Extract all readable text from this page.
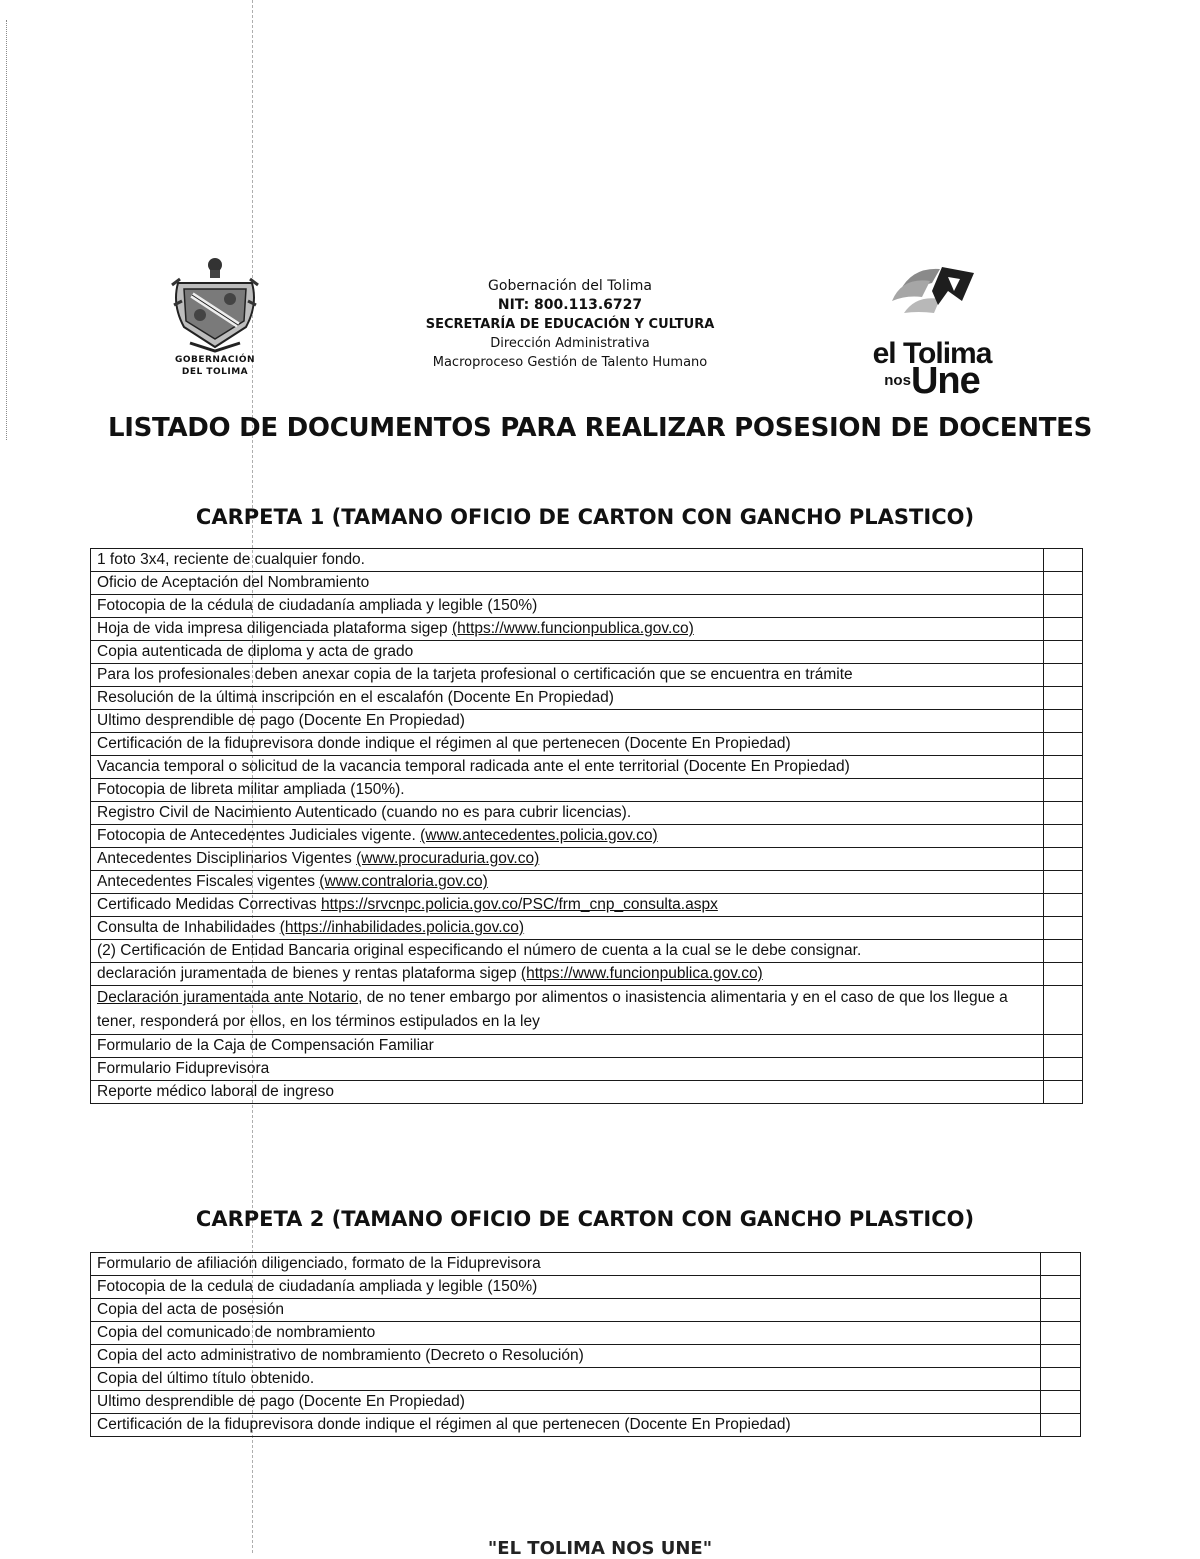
GOBERNACIÓN
DEL TOLIMA
Gobernación del Tolima
NIT: 800.113.6727
SECRETARÍA DE EDUCACIÓN Y CULTURA
Dirección Administrativa
Macroproceso Gestión de Talento Humano	el Tolima
nosUne
LISTADO DE DOCUMENTOS PARA REALIZAR POSESION DE DOCENTES
CARPETA 1 (TAMANO OFICIO DE CARTON CON GANCHO PLASTICO)
1 foto 3x4, reciente de cualquier fondo.	
Oficio de Aceptación del Nombramiento	
Fotocopia de la cédula de ciudadanía ampliada y legible (150%)	
Hoja de vida impresa diligenciada plataforma sigep (https://www.funcionpublica.gov.co)	
Copia autenticada de diploma y acta de grado	
Para los profesionales deben anexar copia de la tarjeta profesional o certificación que se encuentra en trámite	
Resolución de la última inscripción en el escalafón (Docente En Propiedad)	
Ultimo desprendible de pago (Docente En Propiedad)	
Certificación de la fiduprevisora donde indique el régimen al que pertenecen (Docente En Propiedad)	
Vacancia temporal o solicitud de la vacancia temporal radicada ante el ente territorial (Docente En Propiedad)	
Fotocopia de libreta militar ampliada (150%).	
Registro Civil de Nacimiento Autenticado (cuando no es para cubrir licencias).	
Fotocopia de Antecedentes Judiciales vigente. (www.antecedentes.policia.gov.co)	
Antecedentes Disciplinarios Vigentes (www.procuraduria.gov.co)	
Antecedentes Fiscales vigentes (www.contraloria.gov.co)	
Certificado Medidas Correctivas https://srvcnpc.policia.gov.co/PSC/frm_cnp_consulta.aspx	
Consulta de Inhabilidades (https://inhabilidades.policia.gov.co)	
(2) Certificación de Entidad Bancaria original especificando el número de cuenta a la cual se le debe consignar.	
declaración juramentada de bienes y rentas plataforma sigep (https://www.funcionpublica.gov.co)	
Declaración juramentada ante Notario, de no tener embargo por alimentos o inasistencia alimentaria y en el caso de que los llegue a tener, responderá por ellos, en los términos estipulados en la ley	
Formulario de la Caja de Compensación Familiar	
Formulario Fiduprevisora	
Reporte médico laboral de ingreso	
CARPETA 2 (TAMANO OFICIO DE CARTON CON GANCHO PLASTICO)
Formulario de afiliación diligenciado, formato de la Fiduprevisora	
Fotocopia de la cedula de ciudadanía ampliada y legible (150%)	
Copia del acta de posesión	
Copia del comunicado de nombramiento	
Copia del acto administrativo de nombramiento (Decreto o Resolución)	
Copia del último título obtenido.	
Ultimo desprendible de pago (Docente En Propiedad)	
Certificación de la fiduprevisora donde indique el régimen al que pertenecen (Docente En Propiedad)	
"EL TOLIMA NOS UNE"
